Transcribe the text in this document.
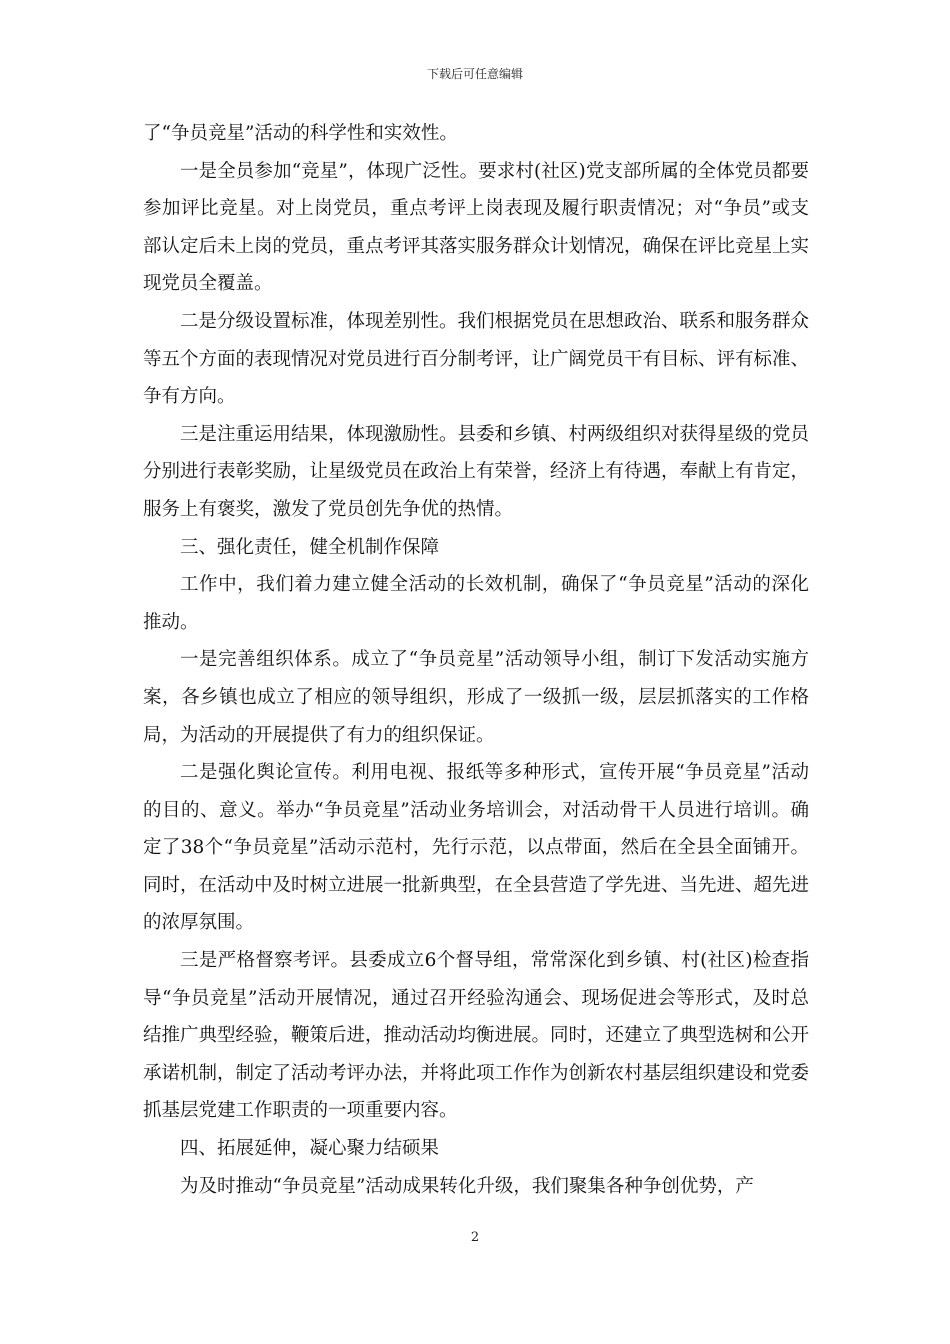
下载后可任意编辑

了“争员竞星”活动的科学性和实效性。

一是全员参加“竞星”，体现广泛性。要求村(社区)党支部所属的全体党员都要参加评比竞星。对上岗党员，重点考评上岗表现及履行职责情况；对“争员”或支部认定后未上岗的党员，重点考评其落实服务群众计划情况，确保在评比竞星上实现党员全覆盖。

二是分级设置标准，体现差别性。我们根据党员在思想政治、联系和服务群众等五个方面的表现情况对党员进行百分制考评，让广阔党员干有目标、评有标准、争有方向。

三是注重运用结果，体现激励性。县委和乡镇、村两级组织对获得星级的党员分别进行表彰奖励，让星级党员在政治上有荣誉，经济上有待遇，奉献上有肯定，服务上有褒奖，激发了党员创先争优的热情。

三、强化责任，健全机制作保障

工作中，我们着力建立健全活动的长效机制，确保了“争员竞星”活动的深化推动。

一是完善组织体系。成立了“争员竞星”活动领导小组，制订下发活动实施方案，各乡镇也成立了相应的领导组织，形成了一级抓一级，层层抓落实的工作格局，为活动的开展提供了有力的组织保证。

二是强化舆论宣传。利用电视、报纸等多种形式，宣传开展“争员竞星”活动的目的、意义。举办“争员竞星”活动业务培训会，对活动骨干人员进行培训。确定了38个“争员竞星”活动示范村，先行示范，以点带面，然后在全县全面铺开。同时，在活动中及时树立进展一批新典型，在全县营造了学先进、当先进、超先进的浓厚氛围。

三是严格督察考评。县委成立6个督导组，常常深化到乡镇、村(社区)检查指导“争员竞星”活动开展情况，通过召开经验沟通会、现场促进会等形式，及时总结推广典型经验，鞭策后进，推动活动均衡进展。同时，还建立了典型选树和公开承诺机制，制定了活动考评办法，并将此项工作作为创新农村基层组织建设和党委抓基层党建工作职责的一项重要内容。

四、拓展延伸，凝心聚力结硕果

为及时推动“争员竞星”活动成果转化升级，我们聚集各种争创优势，产

2
